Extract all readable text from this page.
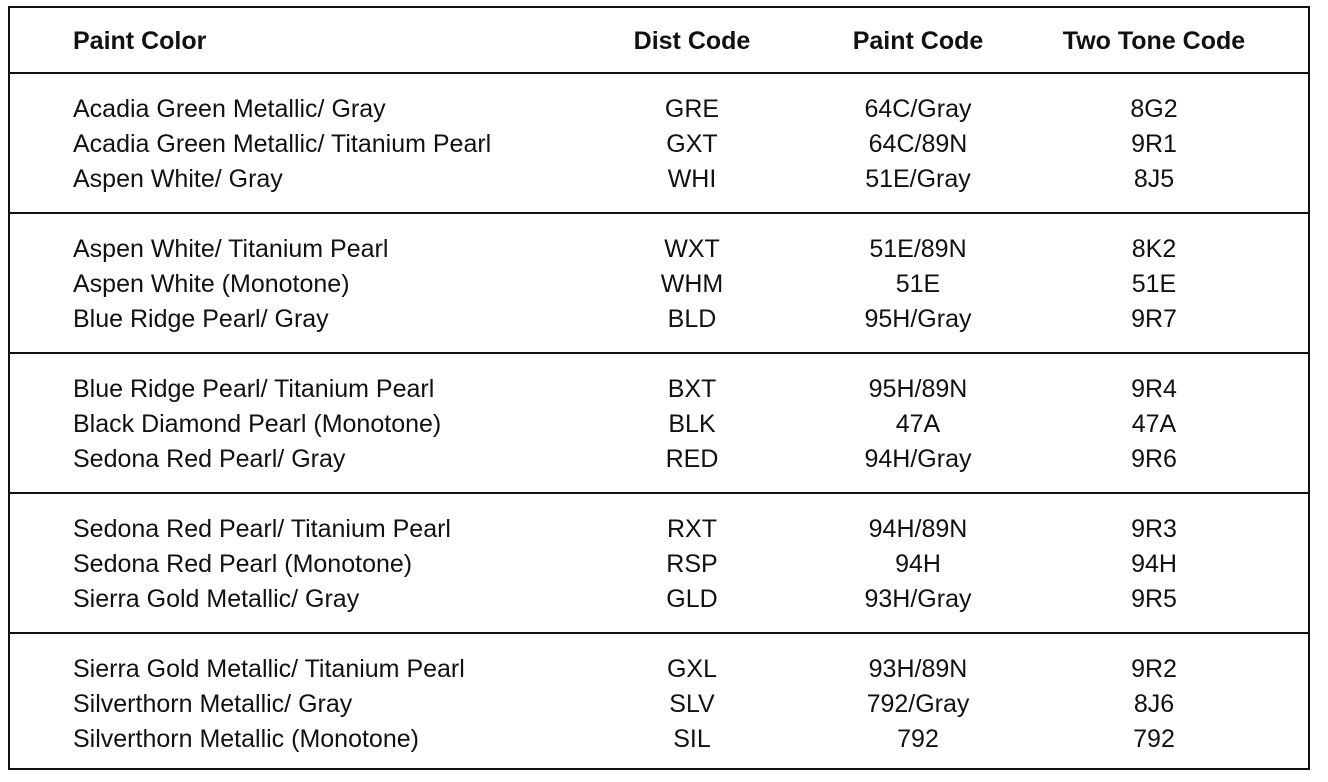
Paint Color	Dist Code	Paint Code	Two Tone Code
Acadia Green Metallic/ Gray	GRE	64C/Gray	8G2
Acadia Green Metallic/ Titanium Pearl	GXT	64C/89N	9R1
Aspen White/ Gray	WHI	51E/Gray	8J5
Aspen White/ Titanium Pearl	WXT	51E/89N	8K2
Aspen White (Monotone)	WHM	51E	51E
Blue Ridge Pearl/ Gray	BLD	95H/Gray	9R7
Blue Ridge Pearl/ Titanium Pearl	BXT	95H/89N	9R4
Black Diamond Pearl (Monotone)	BLK	47A	47A
Sedona Red Pearl/ Gray	RED	94H/Gray	9R6
Sedona Red Pearl/ Titanium Pearl	RXT	94H/89N	9R3
Sedona Red Pearl (Monotone)	RSP	94H	94H
Sierra Gold Metallic/ Gray	GLD	93H/Gray	9R5
Sierra Gold Metallic/ Titanium Pearl	GXL	93H/89N	9R2
Silverthorn Metallic/ Gray	SLV	792/Gray	8J6
Silverthorn Metallic (Monotone)	SIL	792	792
